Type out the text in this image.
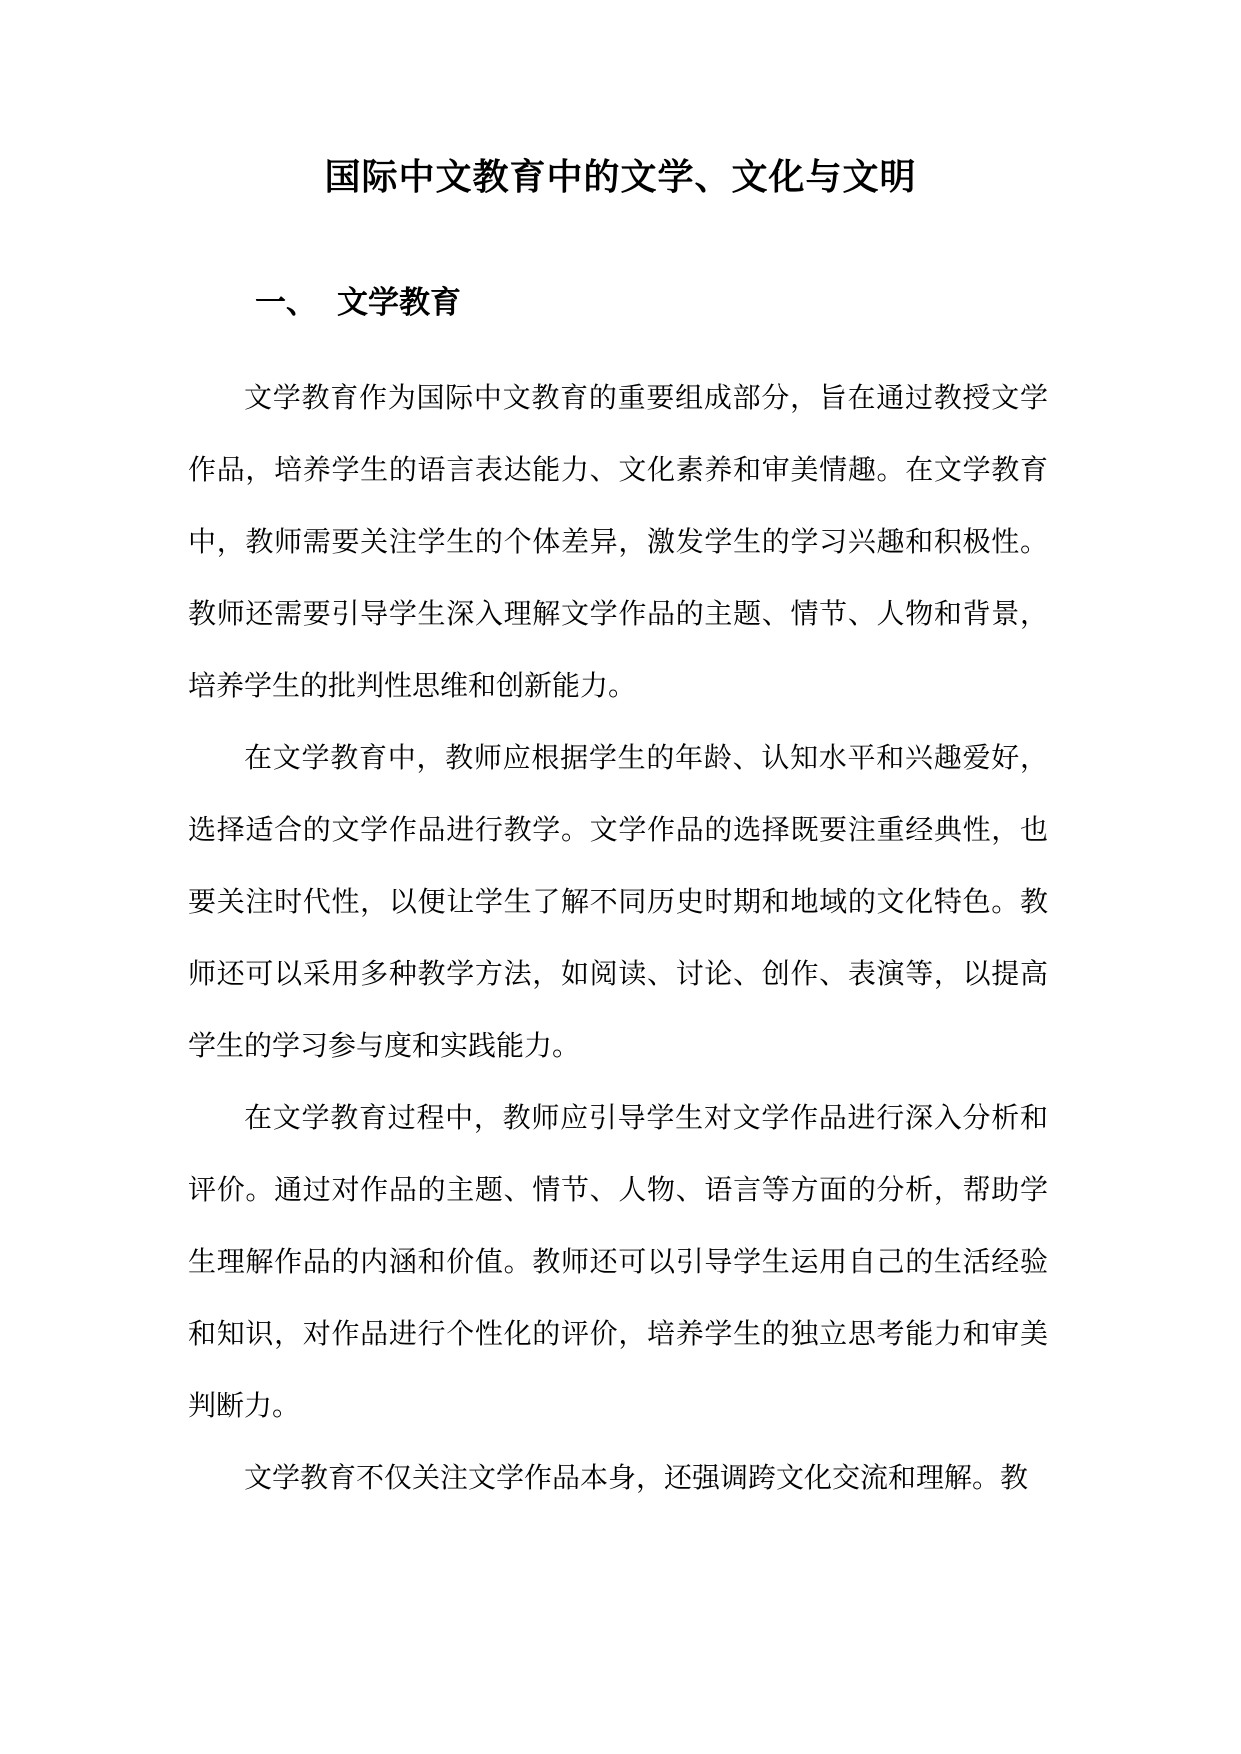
国际中文教育中的文学、文化与文明
一、 文学教育

文学教育作为国际中文教育的重要组成部分，旨在通过教授文学作品，培养学生的语言表达能力、文化素养和审美情趣。在文学教育中，教师需要关注学生的个体差异，激发学生的学习兴趣和积极性。教师还需要引导学生深入理解文学作品的主题、情节、人物和背景，培养学生的批判性思维和创新能力。

在文学教育中，教师应根据学生的年龄、认知水平和兴趣爱好，选择适合的文学作品进行教学。文学作品的选择既要注重经典性，也要关注时代性，以便让学生了解不同历史时期和地域的文化特色。教师还可以采用多种教学方法，如阅读、讨论、创作、表演等，以提高学生的学习参与度和实践能力。

在文学教育过程中，教师应引导学生对文学作品进行深入分析和评价。通过对作品的主题、情节、人物、语言等方面的分析，帮助学生理解作品的内涵和价值。教师还可以引导学生运用自己的生活经验和知识，对作品进行个性化的评价，培养学生的独立思考能力和审美判断力。

文学教育不仅关注文学作品本身，还强调跨文化交流和理解。教
